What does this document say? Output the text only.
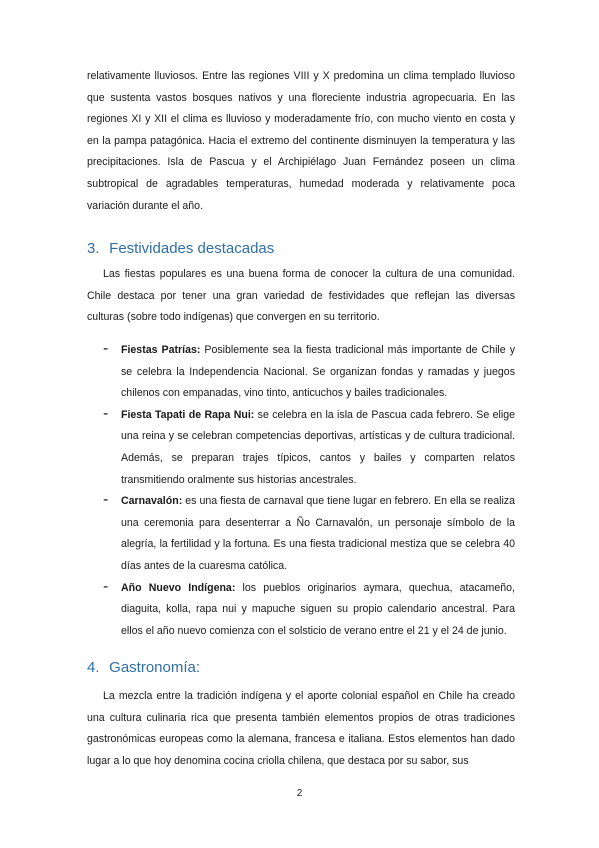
relativamente lluviosos. Entre las regiones VIII y X predomina un clima templado lluvioso que sustenta vastos bosques nativos y una floreciente industria agropecuaria. En las regiones XI y XII el clima es lluvioso y moderadamente frío, con mucho viento en costa y en la pampa patagónica. Hacia el extremo del continente disminuyen la temperatura y las precipitaciones. Isla de Pascua y el Archipiélago Juan Fernández poseen un clima subtropical de agradables temperaturas, humedad moderada y relativamente poca variación durante el año.

3. Festividades destacadas

Las fiestas populares es una buena forma de conocer la cultura de una comunidad. Chile destaca por tener una gran variedad de festividades que reflejan las diversas culturas (sobre todo indígenas) que convergen en su territorio.

- Fiestas Patrías: Posiblemente sea la fiesta tradicional más importante de Chile y se celebra la Independencia Nacional. Se organizan fondas y ramadas y juegos chilenos con empanadas, vino tinto, anticuchos y bailes tradicionales.

- Fiesta Tapati de Rapa Nui: se celebra en la isla de Pascua cada febrero. Se elige una reina y se celebran competencias deportivas, artísticas y de cultura tradicional. Además, se preparan trajes típicos, cantos y bailes y comparten relatos transmitiendo oralmente sus historias ancestrales.

- Carnavalón: es una fiesta de carnaval que tiene lugar en febrero. En ella se realiza una ceremonia para desenterrar a Ño Carnavalón, un personaje símbolo de la alegría, la fertilidad y la fortuna. Es una fiesta tradicional mestiza que se celebra 40 días antes de la cuaresma católica.

- Año Nuevo Indígena: los pueblos originarios aymara, quechua, atacameño, diaguita, kolla, rapa nui y mapuche siguen su propio calendario ancestral. Para ellos el año nuevo comienza con el solsticio de verano entre el 21 y el 24 de junio.

4. Gastronomía:

La mezcla entre la tradición indígena y el aporte colonial español en Chile ha creado una cultura culinaria rica que presenta también elementos propios de otras tradiciones gastronómicas europeas como la alemana, francesa e italiana. Estos elementos han dado lugar a lo que hoy denomina cocina criolla chilena, que destaca por su sabor, sus

2
